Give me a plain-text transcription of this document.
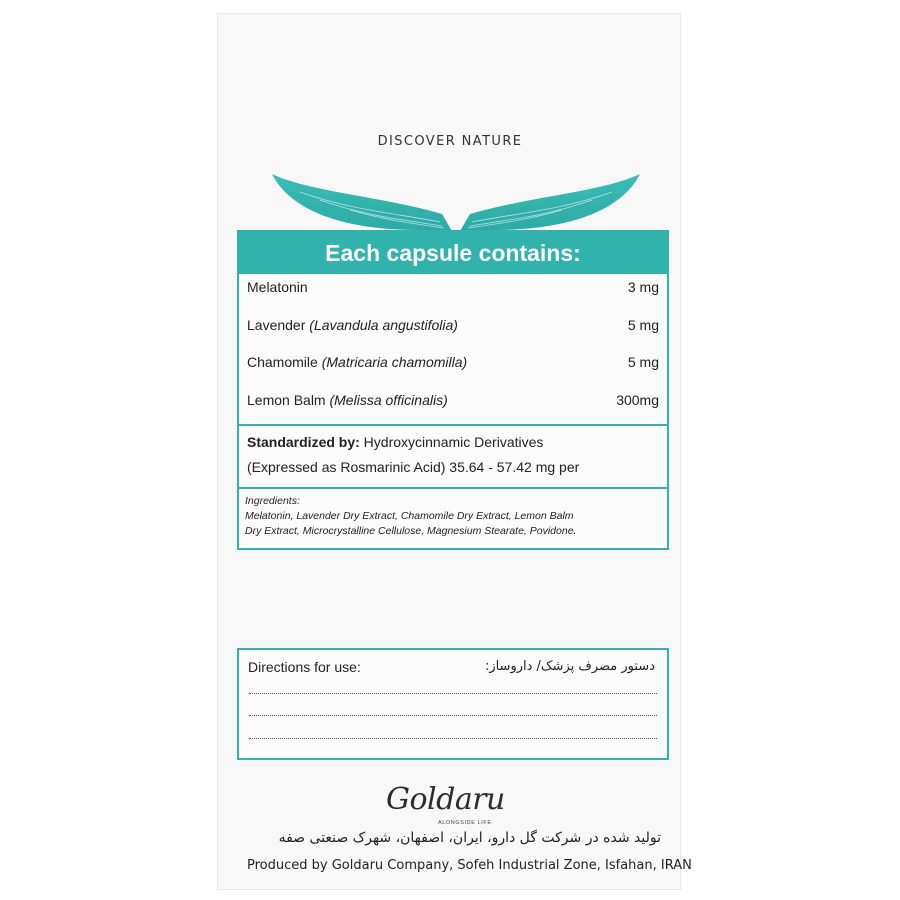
DISCOVER NATURE
Each capsule contains:
Melatonin	3 mg
Lavender (Lavandula angustifolia)	5 mg
Chamomile (Matricaria chamomilla)	5 mg
Lemon Balm (Melissa officinalis)	300mg
Standardized by: Hydroxycinnamic Derivatives
(Expressed as Rosmarinic Acid) 35.64 - 57.42 mg per
Ingredients:
Melatonin, Lavender Dry Extract, Chamomile Dry Extract, Lemon Balm
Dry Extract, Microcrystalline Cellulose, Magnesium Stearate, Povidone.
Directions for use:	دستور مصرف پزشک/ داروساز:
Goldaru
ALONGSIDE LIFE
تولید شده در شرکت گل دارو، ایران، اصفهان، شهرک صنعتی صفه
Produced by Goldaru Company, Sofeh Industrial Zone, Isfahan, IRAN
